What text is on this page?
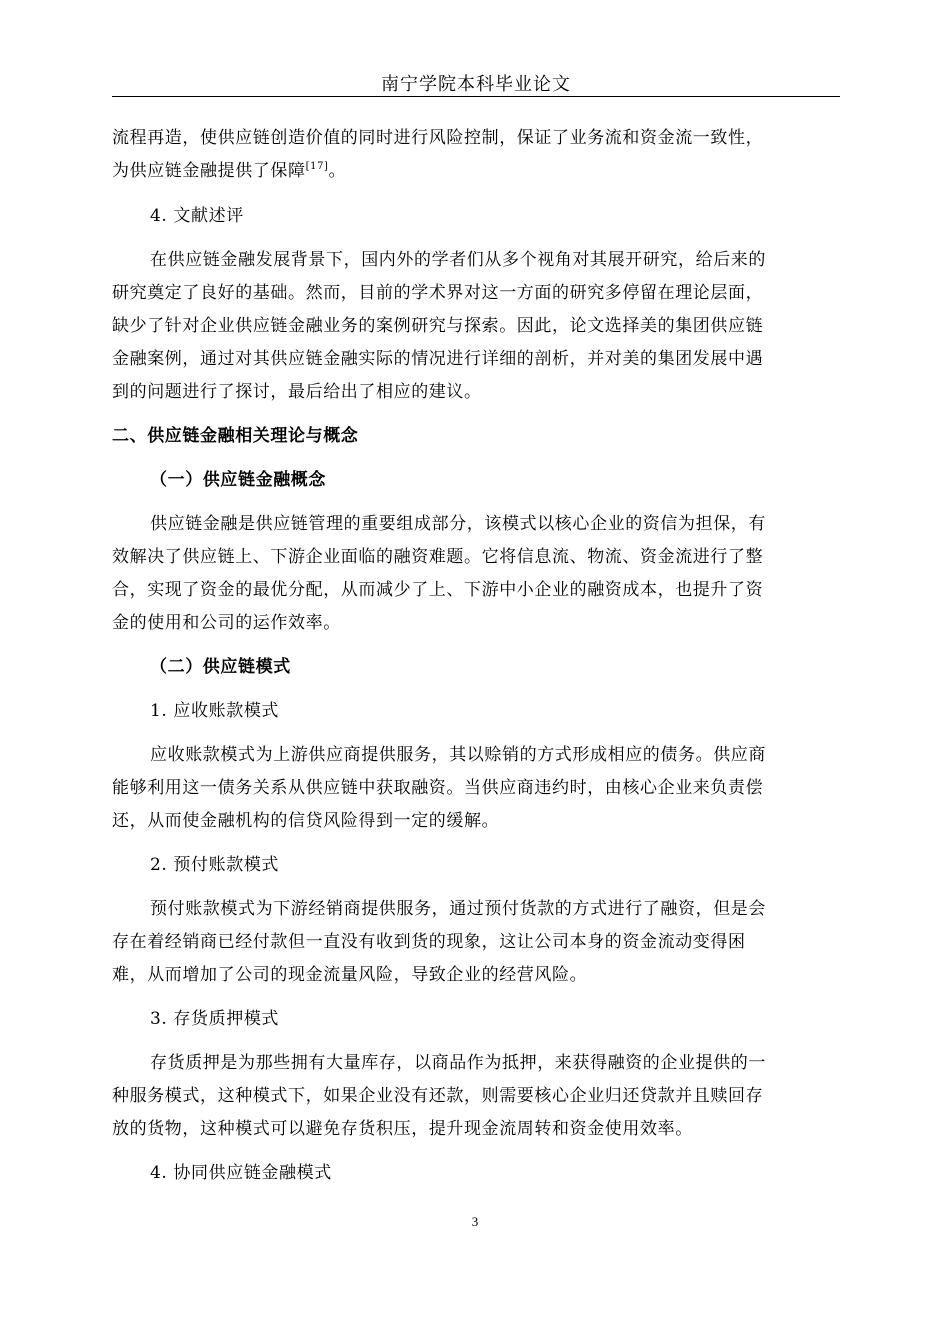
南宁学院本科毕业论文
流程再造，使供应链创造价值的同时进行风险控制，保证了业务流和资金流一致性，
为供应链金融提供了保障[17]。
4. 文献述评
在供应链金融发展背景下，国内外的学者们从多个视角对其展开研究，给后来的
研究奠定了良好的基础。然而，目前的学术界对这一方面的研究多停留在理论层面，
缺少了针对企业供应链金融业务的案例研究与探索。因此，论文选择美的集团供应链
金融案例，通过对其供应链金融实际的情况进行详细的剖析，并对美的集团发展中遇
到的问题进行了探讨，最后给出了相应的建议。
二、供应链金融相关理论与概念
（一）供应链金融概念
供应链金融是供应链管理的重要组成部分，该模式以核心企业的资信为担保，有
效解决了供应链上、下游企业面临的融资难题。它将信息流、物流、资金流进行了整
合，实现了资金的最优分配，从而减少了上、下游中小企业的融资成本，也提升了资
金的使用和公司的运作效率。
（二）供应链模式
1. 应收账款模式
应收账款模式为上游供应商提供服务，其以赊销的方式形成相应的债务。供应商
能够利用这一债务关系从供应链中获取融资。当供应商违约时，由核心企业来负责偿
还，从而使金融机构的信贷风险得到一定的缓解。
2. 预付账款模式
预付账款模式为下游经销商提供服务，通过预付货款的方式进行了融资，但是会
存在着经销商已经付款但一直没有收到货的现象，这让公司本身的资金流动变得困
难，从而增加了公司的现金流量风险，导致企业的经营风险。
3. 存货质押模式
存货质押是为那些拥有大量库存，以商品作为抵押，来获得融资的企业提供的一
种服务模式，这种模式下，如果企业没有还款，则需要核心企业归还贷款并且赎回存
放的货物，这种模式可以避免存货积压，提升现金流周转和资金使用效率。
4. 协同供应链金融模式
3
